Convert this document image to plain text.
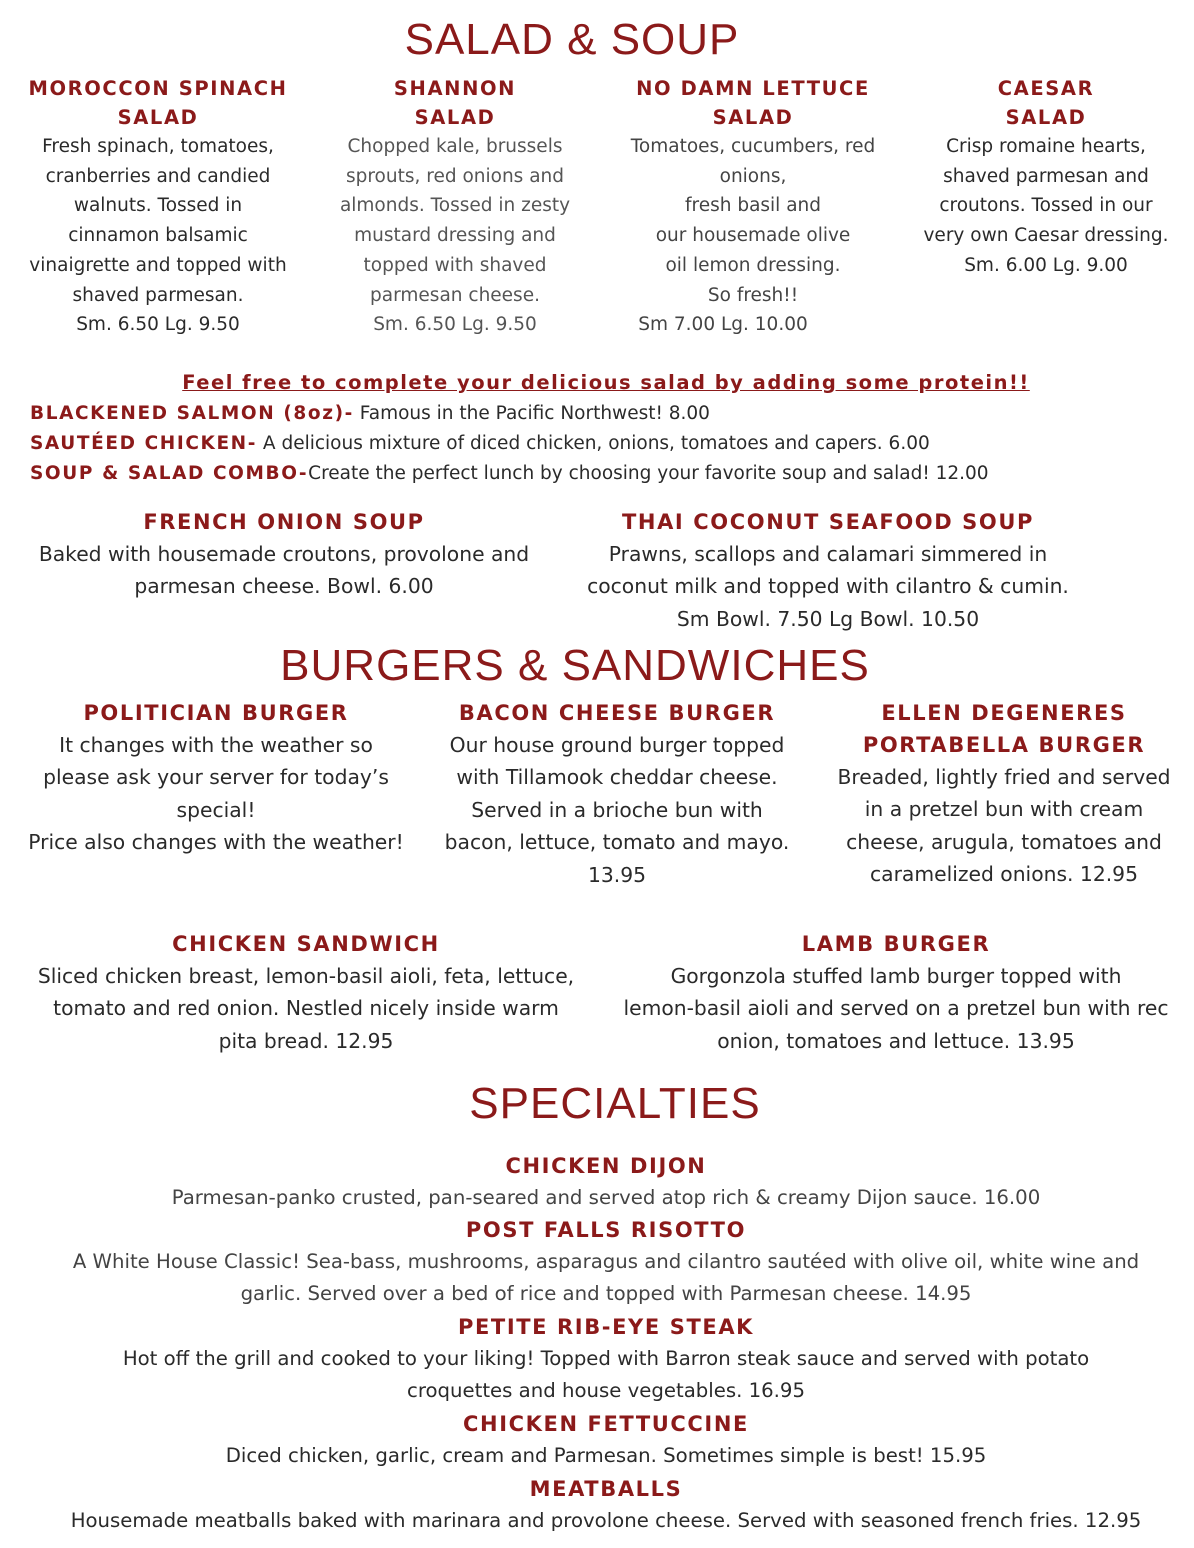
SALAD & SOUP
MOROCCON SPINACH
SALAD
Fresh spinach, tomatoes,
cranberries and candied
walnuts. Tossed in
cinnamon balsamic
vinaigrette and topped with
shaved parmesan.
Sm. 6.50 Lg. 9.50
SHANNON
SALAD
Chopped kale, brussels
sprouts, red onions and
almonds. Tossed in zesty
mustard dressing and
topped with shaved
parmesan cheese.
Sm. 6.50 Lg. 9.50
NO DAMN LETTUCE
SALAD
Tomatoes, cucumbers, red
onions,
fresh basil and
our housemade olive
oil lemon dressing.
So fresh!!
Sm 7.00 Lg. 10.00
CAESAR
SALAD
Crisp romaine hearts,
shaved parmesan and
croutons. Tossed in our
very own Caesar dressing.
Sm. 6.00 Lg. 9.00
Feel free to complete your delicious salad by adding some protein!!
BLACKENED SALMON (8oz)- Famous in the Pacific Northwest! 8.00
SAUTÉED CHICKEN- A delicious mixture of diced chicken, onions, tomatoes and capers. 6.00
SOUP & SALAD COMBO-Create the perfect lunch by choosing your favorite soup and salad! 12.00
FRENCH ONION SOUP
Baked with housemade croutons, provolone and
parmesan cheese. Bowl. 6.00
THAI COCONUT SEAFOOD SOUP
Prawns, scallops and calamari simmered in
coconut milk and topped with cilantro & cumin.
Sm Bowl. 7.50 Lg Bowl. 10.50
BURGERS & SANDWICHES
POLITICIAN BURGER
It changes with the weather so
please ask your server for today’s
special!
Price also changes with the weather!
BACON CHEESE BURGER
Our house ground burger topped
with Tillamook cheddar cheese.
Served in a brioche bun with
bacon, lettuce, tomato and mayo.
13.95
ELLEN DEGENERES
PORTABELLA BURGER
Breaded, lightly fried and served
in a pretzel bun with cream
cheese, arugula, tomatoes and
caramelized onions. 12.95
CHICKEN SANDWICH
Sliced chicken breast, lemon-basil aioli, feta, lettuce,
tomato and red onion. Nestled nicely inside warm
pita bread. 12.95
LAMB BURGER
Gorgonzola stuffed lamb burger topped with
lemon-basil aioli and served on a pretzel bun with rec
onion, tomatoes and lettuce. 13.95
SPECIALTIES
CHICKEN DIJON
Parmesan-panko crusted, pan-seared and served atop rich & creamy Dijon sauce. 16.00
POST FALLS RISOTTO
A White House Classic! Sea-bass, mushrooms, asparagus and cilantro sautéed with olive oil, white wine and
garlic. Served over a bed of rice and topped with Parmesan cheese. 14.95
PETITE RIB-EYE STEAK
Hot off the grill and cooked to your liking! Topped with Barron steak sauce and served with potato
croquettes and house vegetables. 16.95
CHICKEN FETTUCCINE
Diced chicken, garlic, cream and Parmesan. Sometimes simple is best! 15.95
MEATBALLS
Housemade meatballs baked with marinara and provolone cheese. Served with seasoned french fries. 12.95
